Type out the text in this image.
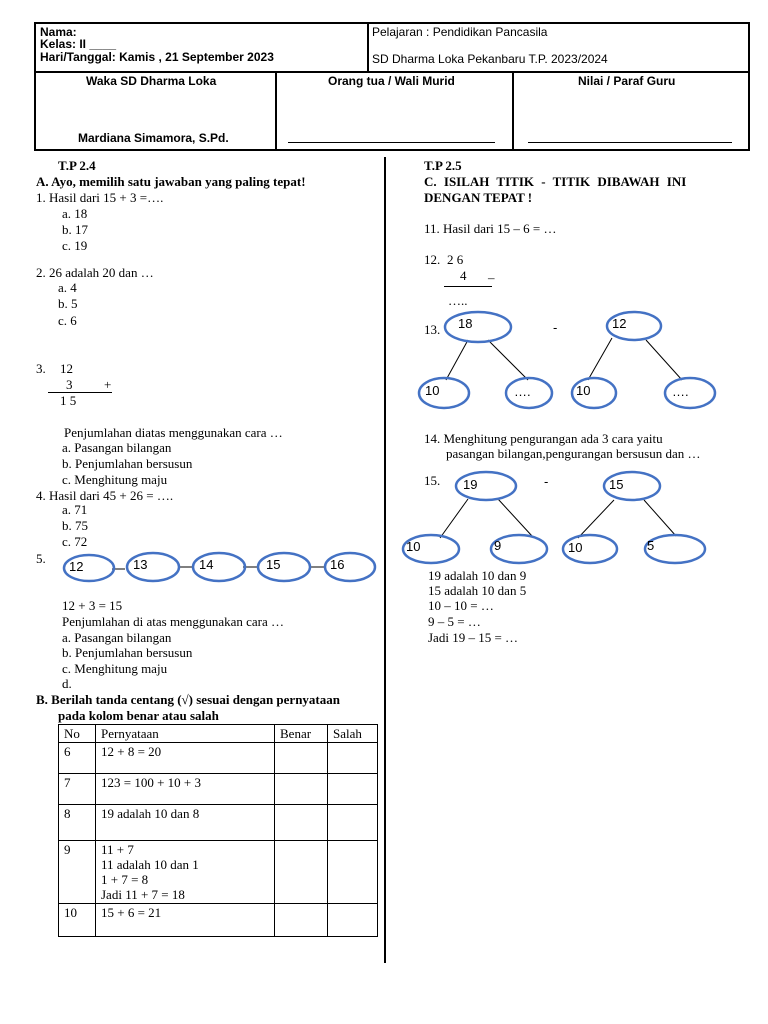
Nama:
Kelas: II ____
Hari/Tanggal: Kamis , 21 September 2023
Pelajaran : Pendidikan Pancasila
SD Dharma Loka Pekanbaru T.P. 2023/2024
Waka SD Dharma Loka
Mardiana Simamora, S.Pd.
Orang tua / Wali Murid	Nilai / Paraf Guru
T.P 2.4
A. Ayo, memilih satu jawaban yang paling tepat!
1. Hasil dari 15 + 3 =….
a. 18
b. 17
c. 19
2. 26 adalah 20 dan …
a. 4
b. 5
c. 6
3. 12
3 +
1 5
Penjumlahan diatas menggunakan cara …
a. Pasangan bilangan
b. Penjumlahan bersusun
c. Menghitung maju
4. Hasil dari 45 + 26 = ….
a. 71
b. 75
c. 72
5.
12 + 3 = 15
Penjumlahan di atas menggunakan cara …
a. Pasangan bilangan
b. Penjumlahan bersusun
c. Menghitung maju
d.
B. Berilah tanda centang (√) sesuai dengan pernyataan
pada kolom benar atau salah
No	Pernyataan	Benar	Salah
6	12 + 8 = 20		
7	123 = 100 + 10 + 3		
8	19 adalah 10 dan 8		
9	11 + 7
11 adalah 10 dan 1
1 + 7 = 8
Jadi 11 + 7 = 18		

10	15 + 6 = 21		
T.P 2.5
C. ISILAH TITIK - TITIK DIBAWAH INI
DENGAN TEPAT !
11. Hasil dari 15 – 6 = …
12. 2 6
4 –
…..
13.
14. Menghitung pengurangan ada 3 cara yaitu
pasangan bilangan,pengurangan bersusun dan …
15.
19 adalah 10 dan 9
15 adalah 10 dan 5
10 – 10 = …
9 – 5 = …
Jadi 19 – 15 = …
12	13	14	15	16
18
10	….
-	12
10	….
19
10	9
-	15
10	5
